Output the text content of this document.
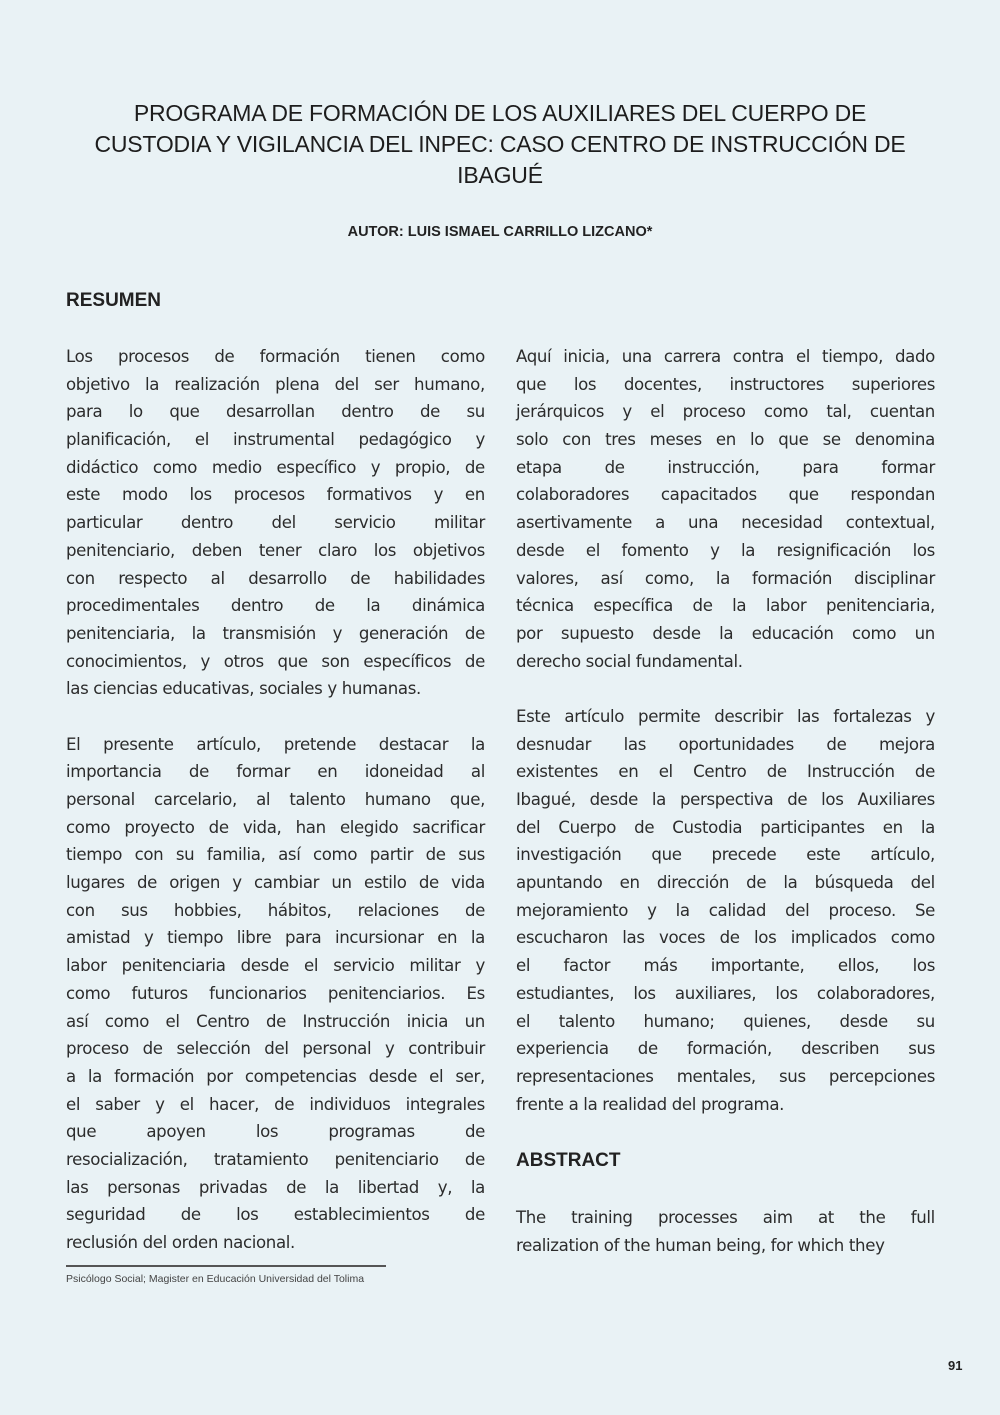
PROGRAMA DE FORMACIÓN DE LOS AUXILIARES DEL CUERPO DE
CUSTODIA Y VIGILANCIA DEL INPEC: CASO CENTRO DE INSTRUCCIÓN DE
IBAGUÉ
AUTOR: LUIS ISMAEL CARRILLO LIZCANO*
RESUMEN
Los procesos de formación tienen como
objetivo la realización plena del ser humano,
para lo que desarrollan dentro de su
planificación, el instrumental pedagógico y
didáctico como medio específico y propio, de
este modo los procesos formativos y en
particular dentro del servicio militar
penitenciario, deben tener claro los objetivos
con respecto al desarrollo de habilidades
procedimentales dentro de la dinámica
penitenciaria, la transmisión y generación de
conocimientos, y otros que son específicos de
las ciencias educativas, sociales y humanas.
El presente artículo, pretende destacar la
importancia de formar en idoneidad al
personal carcelario, al talento humano que,
como proyecto de vida, han elegido sacrificar
tiempo con su familia, así como partir de sus
lugares de origen y cambiar un estilo de vida
con sus hobbies, hábitos, relaciones de
amistad y tiempo libre para incursionar en la
labor penitenciaria desde el servicio militar y
como futuros funcionarios penitenciarios. Es
así como el Centro de Instrucción inicia un
proceso de selección del personal y contribuir
a la formación por competencias desde el ser,
el saber y el hacer, de individuos integrales
que	apoyen	los	programas	de
resocialización, tratamiento penitenciario de
las personas privadas de la libertad y, la
seguridad de los establecimientos de
reclusión del orden nacional.
Aquí inicia, una carrera contra el tiempo, dado
que los docentes, instructores superiores
jerárquicos y el proceso como tal, cuentan
solo con tres meses en lo que se denomina
etapa	de	instrucción,	para	formar
colaboradores capacitados que respondan
asertivamente a una necesidad contextual,
desde el fomento y la resignificación los
valores, así como, la formación disciplinar
técnica específica de la labor penitenciaria,
por supuesto desde la educación como un
derecho social fundamental.
Este artículo permite describir las fortalezas y
desnudar las oportunidades de mejora
existentes en el Centro de Instrucción de
Ibagué, desde la perspectiva de los Auxiliares
del Cuerpo de Custodia participantes en la
investigación que precede este artículo,
apuntando en dirección de la búsqueda del
mejoramiento y la calidad del proceso. Se
escucharon las voces de los implicados como
el factor más importante, ellos, los
estudiantes, los auxiliares, los colaboradores,
el talento humano; quienes, desde su
experiencia de formación, describen sus
representaciones mentales, sus percepciones
frente a la realidad del programa.
ABSTRACT
The training processes aim at the full
realization of the human being, for which they
Psicólogo Social; Magister en Educación Universidad del Tolima
91
